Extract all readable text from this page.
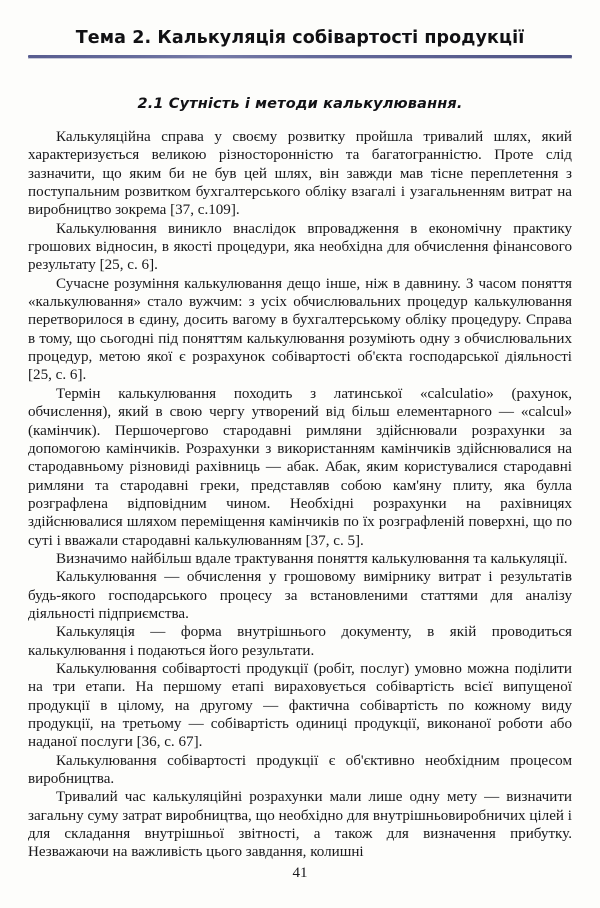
Тема 2. Калькуляція собівартості продукції
2.1 Сутність і методи калькулювання.

Калькуляційна справа у своєму розвитку пройшла тривалий шлях, який характеризується великою різносторонністю та багатогранністю. Проте слід зазначити, що яким би не був цей шлях, він завжди мав тісне переплетення з поступальним розвитком бухгалтерського обліку взагалі і узагальненням витрат на виробництво зокрема [37, с.109].

Калькулювання виникло внаслідок впровадження в економічну практику грошових відносин, в якості процедури, яка необхідна для обчислення фінансового результату [25, с. 6].

Сучасне розуміння калькулювання дещо інше, ніж в давнину. З часом поняття «калькулювання» стало вужчим: з усіх обчислювальних процедур калькулювання перетворилося в єдину, досить вагому в бухгалтерському обліку процедуру. Справа в тому, що сьогодні під поняттям калькулювання розуміють одну з обчислювальних процедур, метою якої є розрахунок собівартості об'єкта господарської діяльності [25, с. 6].

Термін калькулювання походить з латинської «calculatio» (рахунок, обчислення), який в свою чергу утворений від більш елементарного — «calcul» (камінчик). Першочергово стародавні римляни здійснювали розрахунки за допомогою камінчиків. Розрахунки з використанням камінчиків здійснювалися на стародавньому різновиді рахівниць — абак. Абак, яким користувалися стародавні римляни та стародавні греки, представляв собою кам'яну плиту, яка булла розграфлена відповідним чином. Необхідні розрахунки на рахівницях здійснювалися шляхом переміщення камінчиків по їх розграфленій поверхні, що по суті і вважали стародавні калькулюванням [37, с. 5].

Визначимо найбільш вдале трактування поняття калькулювання та калькуляції.

Калькулювання — обчислення у грошовому вимірнику витрат і результатів будь-якого господарського процесу за встановленими статтями для аналізу діяльності підприємства.

Калькуляція — форма внутрішнього документу, в якій проводиться калькулювання і подаються його результати.

Калькулювання собівартості продукції (робіт, послуг) умовно можна поділити на три етапи. На першому етапі вираховується собівартість всієї випущеної продукції в цілому, на другому — фактична собівартість по кожному виду продукції, на третьому — собівартість одиниці продукції, виконаної роботи або наданої послуги [36, с. 67].

Калькулювання собівартості продукції є об'єктивно необхідним процесом виробництва.

Тривалий час калькуляційні розрахунки мали лише одну мету — визначити загальну суму затрат виробництва, що необхідно для внутрішньовиробничих цілей і для складання внутрішньої звітності, а також для визначення прибутку. Незважаючи на важливість цього завдання, колишні

41
